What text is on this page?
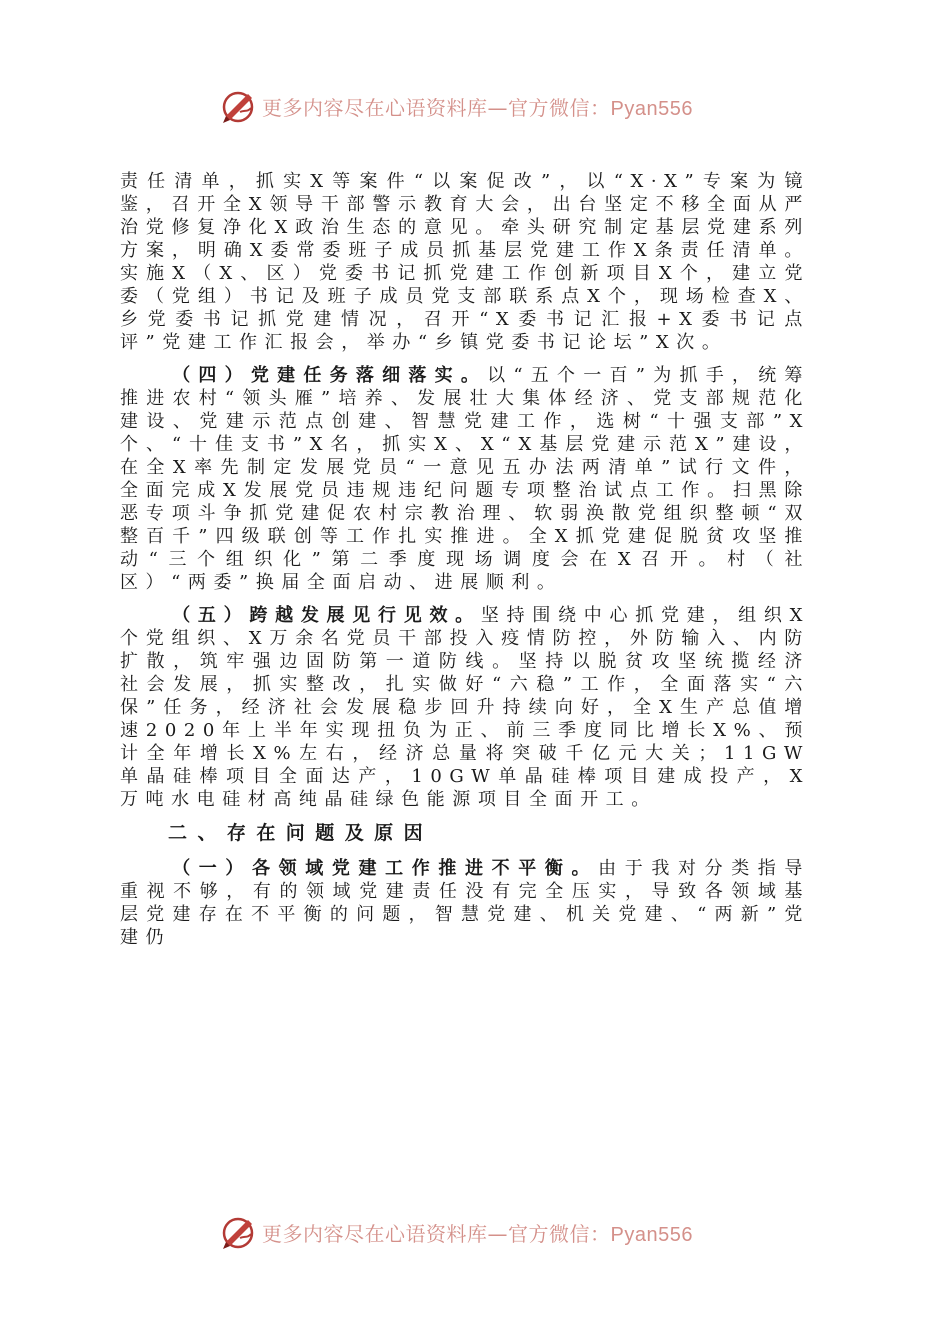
更多内容尽在心语资料库—官方微信：Pyan556

责任清单，抓实X等案件“以案促改”，以“X·X”专案为镜鉴，召开全X领导干部警示教育大会，出台坚定不移全面从严治党修复净化X政治生态的意见。牵头研究制定基层党建系列方案，明确X委常委班子成员抓基层党建工作X条责任清单。实施X（X、区）党委书记抓党建工作创新项目X个，建立党委（党组）书记及班子成员党支部联系点X个，现场检查X、乡党委书记抓党建情况，召开“X委书记汇报+X委书记点评”党建工作汇报会，举办“乡镇党委书记论坛”X次。

（四）党建任务落细落实。以“五个一百”为抓手，统筹推进农村“领头雁”培养、发展壮大集体经济、党支部规范化建设、党建示范点创建、智慧党建工作，选树“十强支部”X个、“十佳支书”X名，抓实X、X“X基层党建示范X”建设，在全X率先制定发展党员“一意见五办法两清单”试行文件，全面完成X发展党员违规违纪问题专项整治试点工作。扫黑除恶专项斗争抓党建促农村宗教治理、软弱涣散党组织整顿“双整百千”四级联创等工作扎实推进。全X抓党建促脱贫攻坚推动“三个组织化”第二季度现场调度会在X召开。村（社区）“两委”换届全面启动、进展顺利。

（五）跨越发展见行见效。坚持围绕中心抓党建，组织X个党组织、X万余名党员干部投入疫情防控，外防输入、内防扩散，筑牢强边固防第一道防线。坚持以脱贫攻坚统揽经济社会发展，抓实整改，扎实做好“六稳”工作，全面落实“六保”任务，经济社会发展稳步回升持续向好，全X生产总值增速2020年上半年实现扭负为正、前三季度同比增长X%、预计全年增长X%左右，经济总量将突破千亿元大关；11GW单晶硅棒项目全面达产，10GW单晶硅棒项目建成投产，X万吨水电硅材高纯晶硅绿色能源项目全面开工。

二、存在问题及原因

（一）各领域党建工作推进不平衡。由于我对分类指导重视不够，有的领域党建责任没有完全压实，导致各领域基层党建存在不平衡的问题，智慧党建、机关党建、“两新”党建仍

更多内容尽在心语资料库—官方微信：Pyan556
